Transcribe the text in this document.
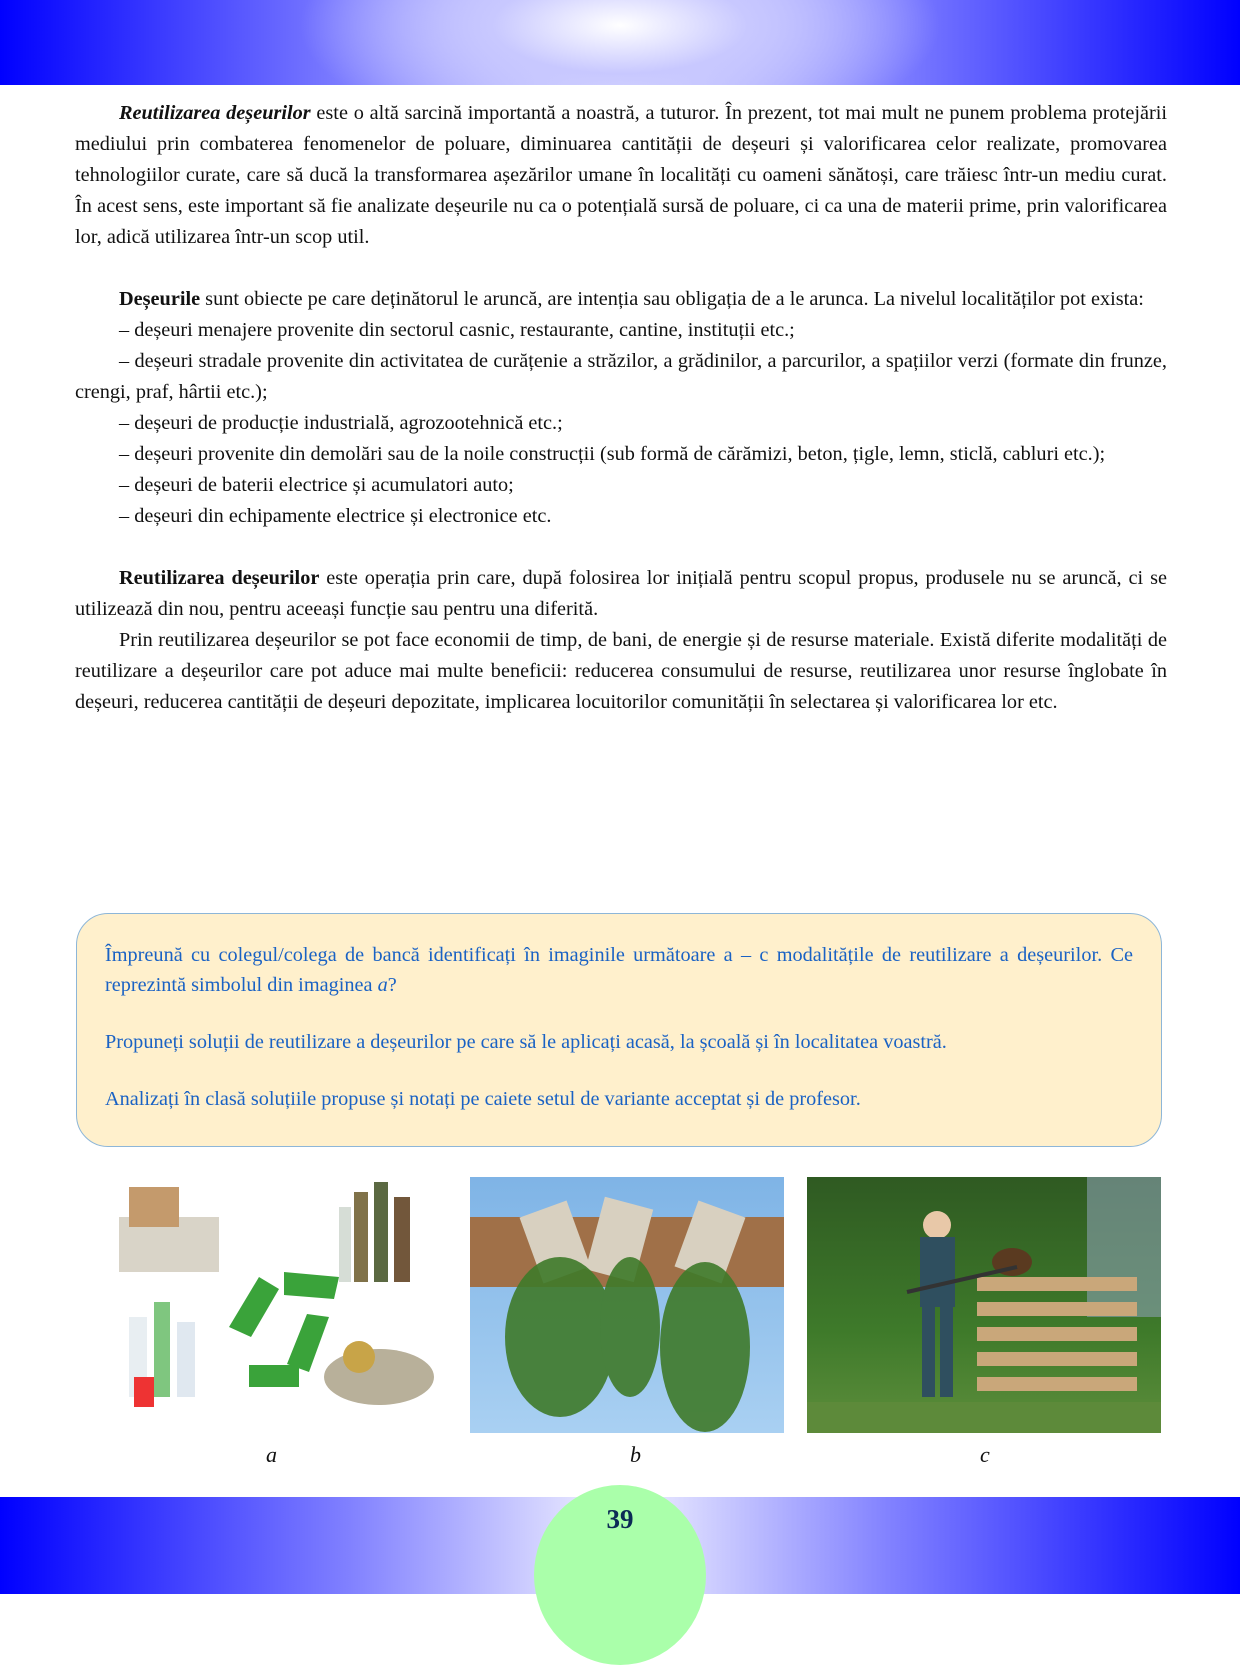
Reutilizarea deșeurilor este o altă sarcină importantă a noastră, a tuturor. În prezent, tot mai mult ne punem problema protejării mediului prin combaterea fenomenelor de poluare, diminuarea cantității de deșeuri și valorificarea celor realizate, promovarea tehnologiilor curate, care să ducă la transformarea așezărilor umane în localități cu oameni sănătoși, care trăiesc într-un mediu curat. În acest sens, este important să fie analizate deșeurile nu ca o potențială sursă de poluare, ci ca una de materii prime, prin valorificarea lor, adică utilizarea într-un scop util.

Deșeurile sunt obiecte pe care deținătorul le aruncă, are intenția sau obligația de a le arunca. La nivelul localităților pot exista:

– deșeuri menajere provenite din sectorul casnic, restaurante, cantine, instituții etc.;

– deșeuri stradale provenite din activitatea de curățenie a străzilor, a grădinilor, a parcurilor, a spațiilor verzi (formate din frunze, crengi, praf, hârtii etc.);

– deșeuri de producție industrială, agrozootehnică etc.;

– deșeuri provenite din demolări sau de la noile construcții (sub formă de cărămizi, beton, țigle, lemn, sticlă, cabluri etc.);

– deșeuri de baterii electrice și acumulatori auto;

– deșeuri din echipamente electrice și electronice etc.

Reutilizarea deșeurilor este operația prin care, după folosirea lor inițială pentru scopul propus, produsele nu se aruncă, ci se utilizează din nou, pentru aceeași funcție sau pentru una diferită.

Prin reutilizarea deșeurilor se pot face economii de timp, de bani, de energie și de resurse materiale. Există diferite modalități de reutilizare a deșeurilor care pot aduce mai multe beneficii: reducerea consumului de resurse, reutilizarea unor resurse înglobate în deșeuri, reducerea cantității de deșeuri depozitate, implicarea locuitorilor comunității în selectarea și valorificarea lor etc.

Împreună cu colegul/colega de bancă identificați în imaginile următoare a – c modalitățile de reutilizare a deșeurilor. Ce reprezintă simbolul din imaginea a?

Propuneți soluții de reutilizare a deșeurilor pe care să le aplicați acasă, la școală și în localitatea voastră.

Analizați în clasă soluțiile propuse și notați pe caiete setul de variante acceptat și de profesor.

a	b	c
39
